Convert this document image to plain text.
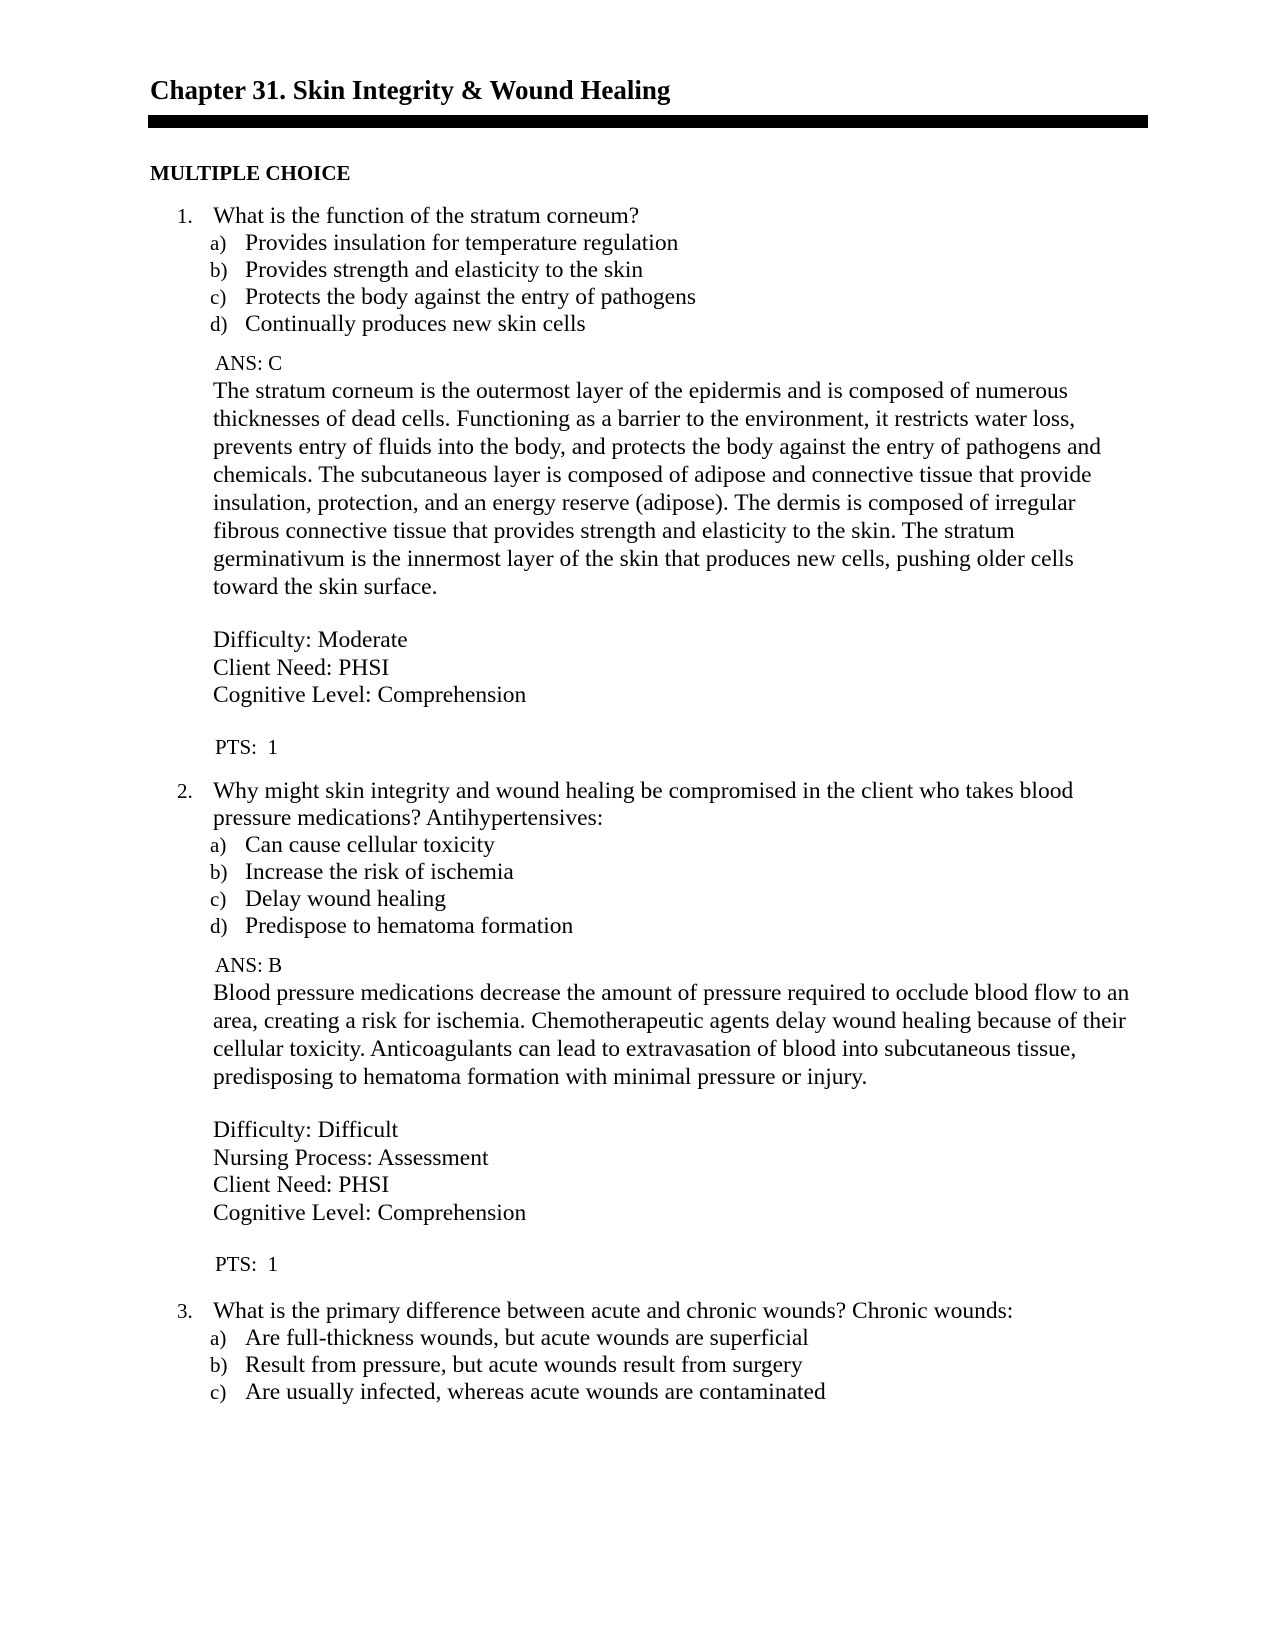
Chapter 31. Skin Integrity & Wound Healing
MULTIPLE CHOICE
1. What is the function of the stratum corneum?
a) Provides insulation for temperature regulation
b) Provides strength and elasticity to the skin
c) Protects the body against the entry of pathogens
d) Continually produces new skin cells
ANS: C
The stratum corneum is the outermost layer of the epidermis and is composed of numerous thicknesses of dead cells. Functioning as a barrier to the environment, it restricts water loss, prevents entry of fluids into the body, and protects the body against the entry of pathogens and chemicals. The subcutaneous layer is composed of adipose and connective tissue that provide insulation, protection, and an energy reserve (adipose). The dermis is composed of irregular fibrous connective tissue that provides strength and elasticity to the skin. The stratum germinativum is the innermost layer of the skin that produces new cells, pushing older cells toward the skin surface.
Difficulty: Moderate
Client Need: PHSI
Cognitive Level: Comprehension
PTS:  1
2. Why might skin integrity and wound healing be compromised in the client who takes blood pressure medications? Antihypertensives:
a) Can cause cellular toxicity
b) Increase the risk of ischemia
c) Delay wound healing
d) Predispose to hematoma formation
ANS: B
Blood pressure medications decrease the amount of pressure required to occlude blood flow to an area, creating a risk for ischemia. Chemotherapeutic agents delay wound healing because of their cellular toxicity. Anticoagulants can lead to extravasation of blood into subcutaneous tissue, predisposing to hematoma formation with minimal pressure or injury.
Difficulty: Difficult
Nursing Process: Assessment
Client Need: PHSI
Cognitive Level: Comprehension
PTS:  1
3. What is the primary difference between acute and chronic wounds? Chronic wounds:
a) Are full-thickness wounds, but acute wounds are superficial
b) Result from pressure, but acute wounds result from surgery
c) Are usually infected, whereas acute wounds are contaminated
